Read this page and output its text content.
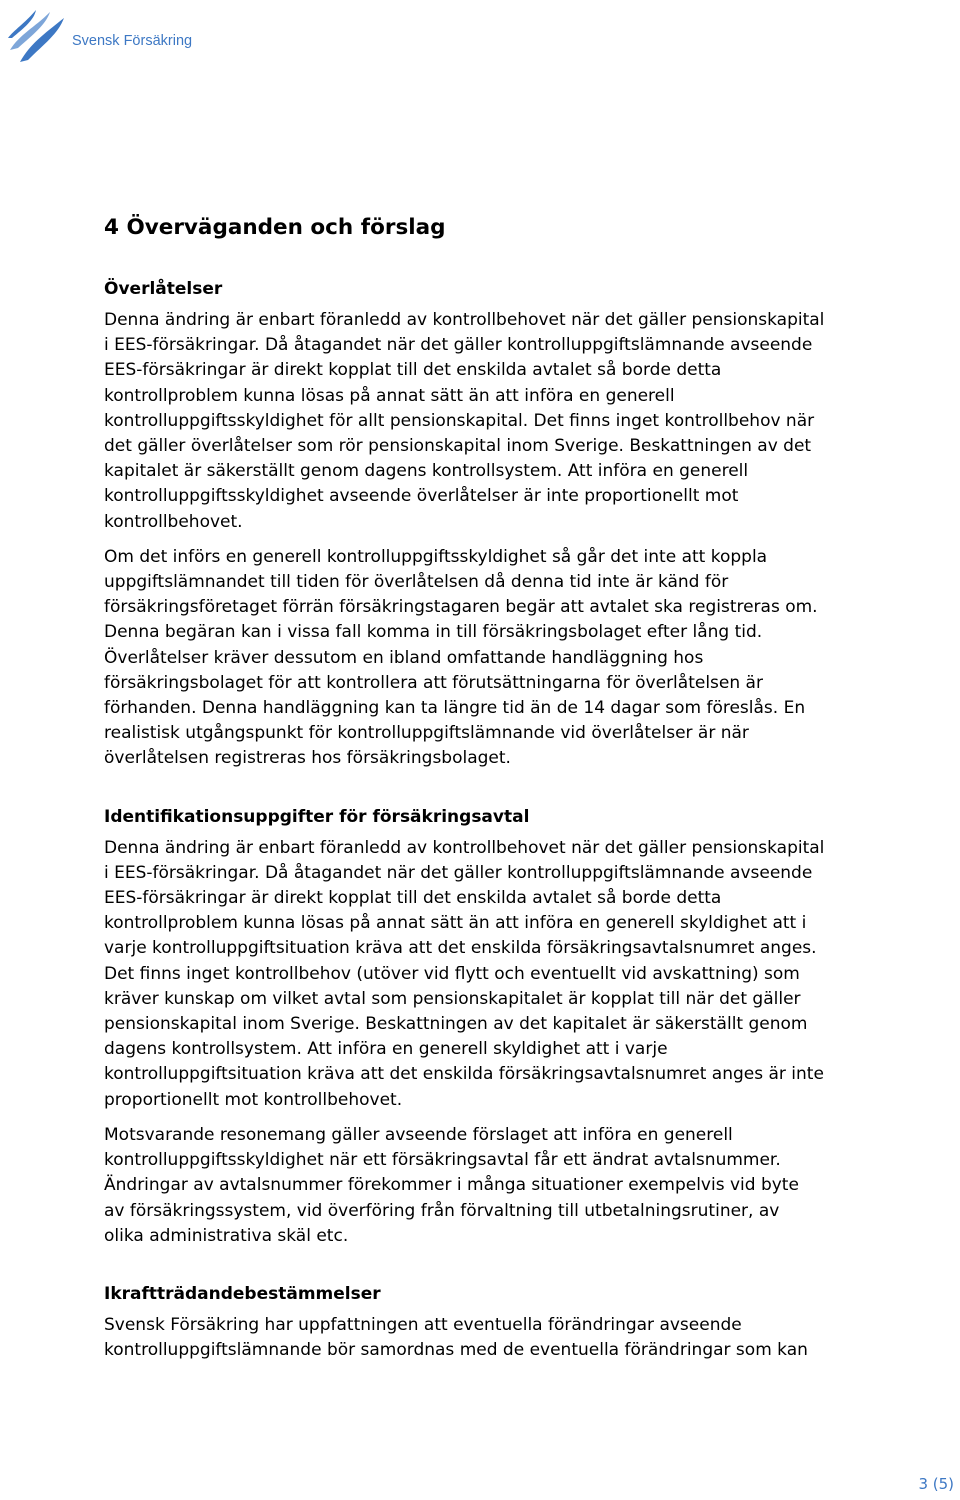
Svensk Försäkring
4 Överväganden och förslag
Överlåtelser

Denna ändring är enbart föranledd av kontrollbehovet när det gäller pensionskapital
i EES-försäkringar. Då åtagandet när det gäller kontrolluppgiftslämnande avseende
EES-försäkringar är direkt kopplat till det enskilda avtalet så borde detta
kontrollproblem kunna lösas på annat sätt än att införa en generell
kontrolluppgiftsskyldighet för allt pensionskapital. Det finns inget kontrollbehov när
det gäller överlåtelser som rör pensionskapital inom Sverige. Beskattningen av det
kapitalet är säkerställt genom dagens kontrollsystem. Att införa en generell
kontrolluppgiftsskyldighet avseende överlåtelser är inte proportionellt mot
kontrollbehovet.

Om det införs en generell kontrolluppgiftsskyldighet så går det inte att koppla
uppgiftslämnandet till tiden för överlåtelsen då denna tid inte är känd för
försäkringsföretaget förrän försäkringstagaren begär att avtalet ska registreras om.
Denna begäran kan i vissa fall komma in till försäkringsbolaget efter lång tid.
Överlåtelser kräver dessutom en ibland omfattande handläggning hos
försäkringsbolaget för att kontrollera att förutsättningarna för överlåtelsen är
förhanden. Denna handläggning kan ta längre tid än de 14 dagar som föreslås. En
realistisk utgångspunkt för kontrolluppgiftslämnande vid överlåtelser är när
överlåtelsen registreras hos försäkringsbolaget.

Identifikationsuppgifter för försäkringsavtal

Denna ändring är enbart föranledd av kontrollbehovet när det gäller pensionskapital
i EES-försäkringar. Då åtagandet när det gäller kontrolluppgiftslämnande avseende
EES-försäkringar är direkt kopplat till det enskilda avtalet så borde detta
kontrollproblem kunna lösas på annat sätt än att införa en generell skyldighet att i
varje kontrolluppgiftsituation kräva att det enskilda försäkringsavtalsnumret anges.
Det finns inget kontrollbehov (utöver vid flytt och eventuellt vid avskattning) som
kräver kunskap om vilket avtal som pensionskapitalet är kopplat till när det gäller
pensionskapital inom Sverige. Beskattningen av det kapitalet är säkerställt genom
dagens kontrollsystem. Att införa en generell skyldighet att i varje
kontrolluppgiftsituation kräva att det enskilda försäkringsavtalsnumret anges är inte
proportionellt mot kontrollbehovet.

Motsvarande resonemang gäller avseende förslaget att införa en generell
kontrolluppgiftsskyldighet när ett försäkringsavtal får ett ändrat avtalsnummer.
Ändringar av avtalsnummer förekommer i många situationer exempelvis vid byte
av försäkringssystem, vid överföring från förvaltning till utbetalningsrutiner, av
olika administrativa skäl etc.

Ikraftträdandebestämmelser

Svensk Försäkring har uppfattningen att eventuella förändringar avseende
kontrolluppgiftslämnande bör samordnas med de eventuella förändringar som kan

3 (5)
